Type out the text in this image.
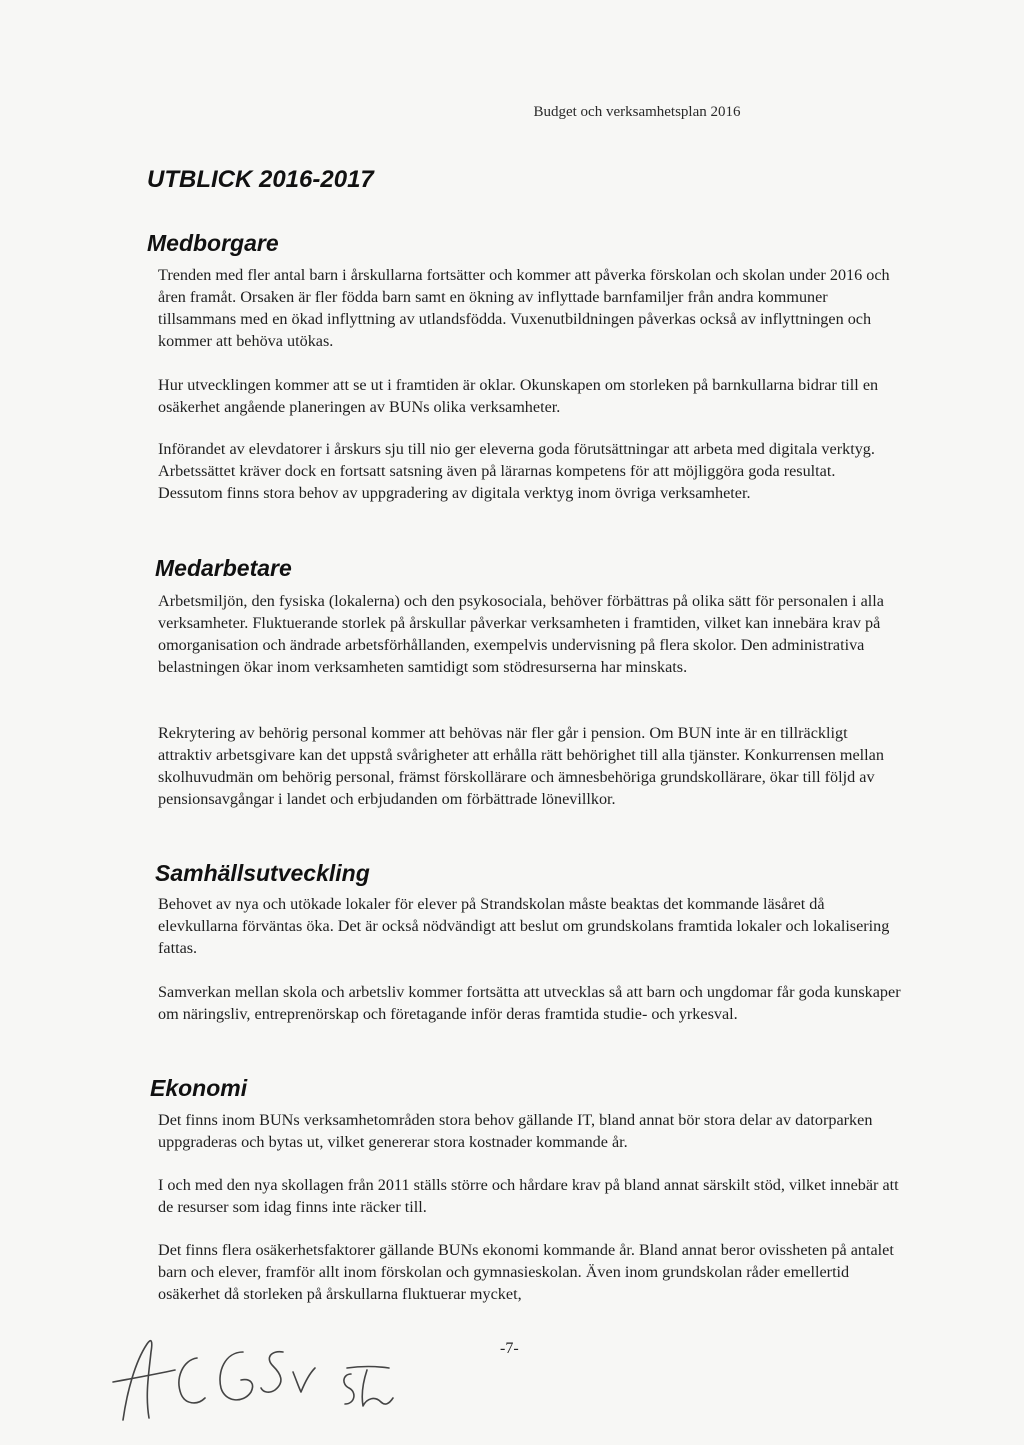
Budget och verksamhetsplan 2016
UTBLICK 2016-2017
Medborgare

Trenden med fler antal barn i årskullarna fortsätter och kommer att påverka förskolan och skolan under 2016 och åren framåt. Orsaken är fler födda barn samt en ökning av inflyttade barnfamiljer från andra kommuner tillsammans med en ökad inflyttning av utlandsfödda. Vuxenutbildningen påverkas också av inflyttningen och kommer att behöva utökas.

Hur utvecklingen kommer att se ut i framtiden är oklar. Okunskapen om storleken på barnkullarna bidrar till en osäkerhet angående planeringen av BUNs olika verksamheter.

Införandet av elevdatorer i årskurs sju till nio ger eleverna goda förutsättningar att arbeta med digitala verktyg. Arbetssättet kräver dock en fortsatt satsning även på lärarnas kompetens för att möjliggöra goda resultat. Dessutom finns stora behov av uppgradering av digitala verktyg inom övriga verksamheter.

Medarbetare

Arbetsmiljön, den fysiska (lokalerna) och den psykosociala, behöver förbättras på olika sätt för personalen i alla verksamheter. Fluktuerande storlek på årskullar påverkar verksamheten i framtiden, vilket kan innebära krav på omorganisation och ändrade arbetsförhållanden, exempelvis undervisning på flera skolor. Den administrativa belastningen ökar inom verksamheten samtidigt som stödresurserna har minskats.

Rekrytering av behörig personal kommer att behövas när fler går i pension. Om BUN inte är en tillräckligt attraktiv arbetsgivare kan det uppstå svårigheter att erhålla rätt behörighet till alla tjänster. Konkurrensen mellan skolhuvudmän om behörig personal, främst förskollärare och ämnesbehöriga grundskollärare, ökar till följd av pensionsavgångar i landet och erbjudanden om förbättrade lönevillkor.

Samhällsutveckling

Behovet av nya och utökade lokaler för elever på Strandskolan måste beaktas det kommande läsåret då elevkullarna förväntas öka. Det är också nödvändigt att beslut om grundskolans framtida lokaler och lokalisering fattas.

Samverkan mellan skola och arbetsliv kommer fortsätta att utvecklas så att barn och ungdomar får goda kunskaper om näringsliv, entreprenörskap och företagande inför deras framtida studie- och yrkesval.

Ekonomi

Det finns inom BUNs verksamhetområden stora behov gällande IT, bland annat bör stora delar av datorparken uppgraderas och bytas ut, vilket genererar stora kostnader kommande år.

I och med den nya skollagen från 2011 ställs större och hårdare krav på bland annat särskilt stöd, vilket innebär att de resurser som idag finns inte räcker till.

Det finns flera osäkerhetsfaktorer gällande BUNs ekonomi kommande år. Bland annat beror ovissheten på antalet barn och elever, framför allt inom förskolan och gymnasieskolan. Även inom grundskolan råder emellertid osäkerhet då storleken på årskullarna fluktuerar mycket,

-7-
